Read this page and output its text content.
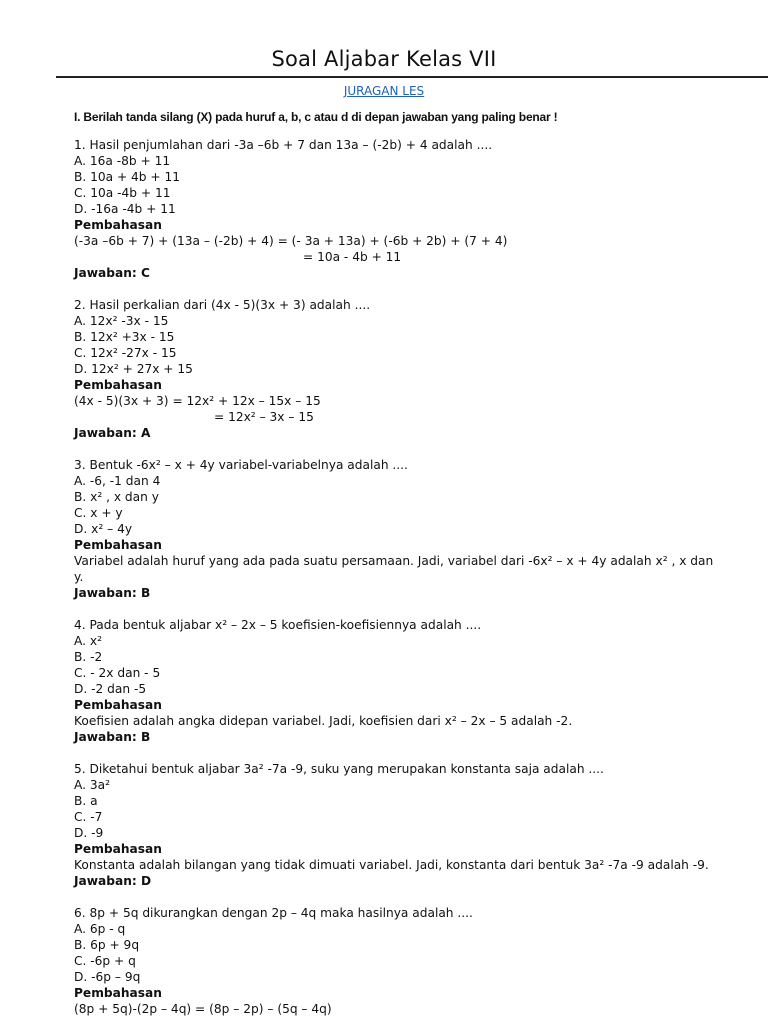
Soal Aljabar Kelas VII
JURAGAN LES
I. Berilah tanda silang (X) pada huruf a, b, c atau d di depan jawaban yang paling benar !
1. Hasil penjumlahan dari -3a –6b + 7 dan 13a – (-2b) + 4 adalah ....
A. 16a -8b + 11
B. 10a + 4b + 11
C. 10a -4b + 11
D. -16a -4b + 11
Pembahasan
(-3a –6b + 7) + (13a – (-2b) + 4) = (- 3a + 13a) + (-6b + 2b) + (7 + 4)
= 10a - 4b + 11
Jawaban: C
2. Hasil perkalian dari (4x - 5)(3x + 3) adalah ....
A. 12x² -3x - 15
B. 12x² +3x - 15
C. 12x² -27x - 15
D. 12x² + 27x + 15
Pembahasan
(4x - 5)(3x + 3) = 12x² + 12x – 15x – 15
= 12x² – 3x – 15
Jawaban: A
3. Bentuk -6x² – x + 4y variabel-variabelnya adalah ....
A. -6, -1 dan 4
B. x² , x dan y
C. x + y
D. x² – 4y
Pembahasan
Variabel adalah huruf yang ada pada suatu persamaan. Jadi, variabel dari -6x² – x + 4y adalah x² , x dan y.
Jawaban: B
4. Pada bentuk aljabar x² – 2x – 5 koefisien-koefisiennya adalah ....
A. x²
B. -2
C. - 2x dan - 5
D. -2 dan -5
Pembahasan
Koefisien adalah angka didepan variabel. Jadi, koefisien dari x² – 2x – 5 adalah -2.
Jawaban: B
5. Diketahui bentuk aljabar 3a² -7a -9, suku yang merupakan konstanta saja adalah ....
A. 3a²
B. a
C. -7
D. -9
Pembahasan
Konstanta adalah bilangan yang tidak dimuati variabel. Jadi, konstanta dari bentuk 3a² -7a -9 adalah -9.
Jawaban: D
6. 8p + 5q dikurangkan dengan 2p – 4q maka hasilnya adalah ....
A. 6p - q
B. 6p + 9q
C. -6p + q
D. -6p – 9q
Pembahasan
(8p + 5q)-(2p – 4q) = (8p – 2p) – (5q – 4q)
